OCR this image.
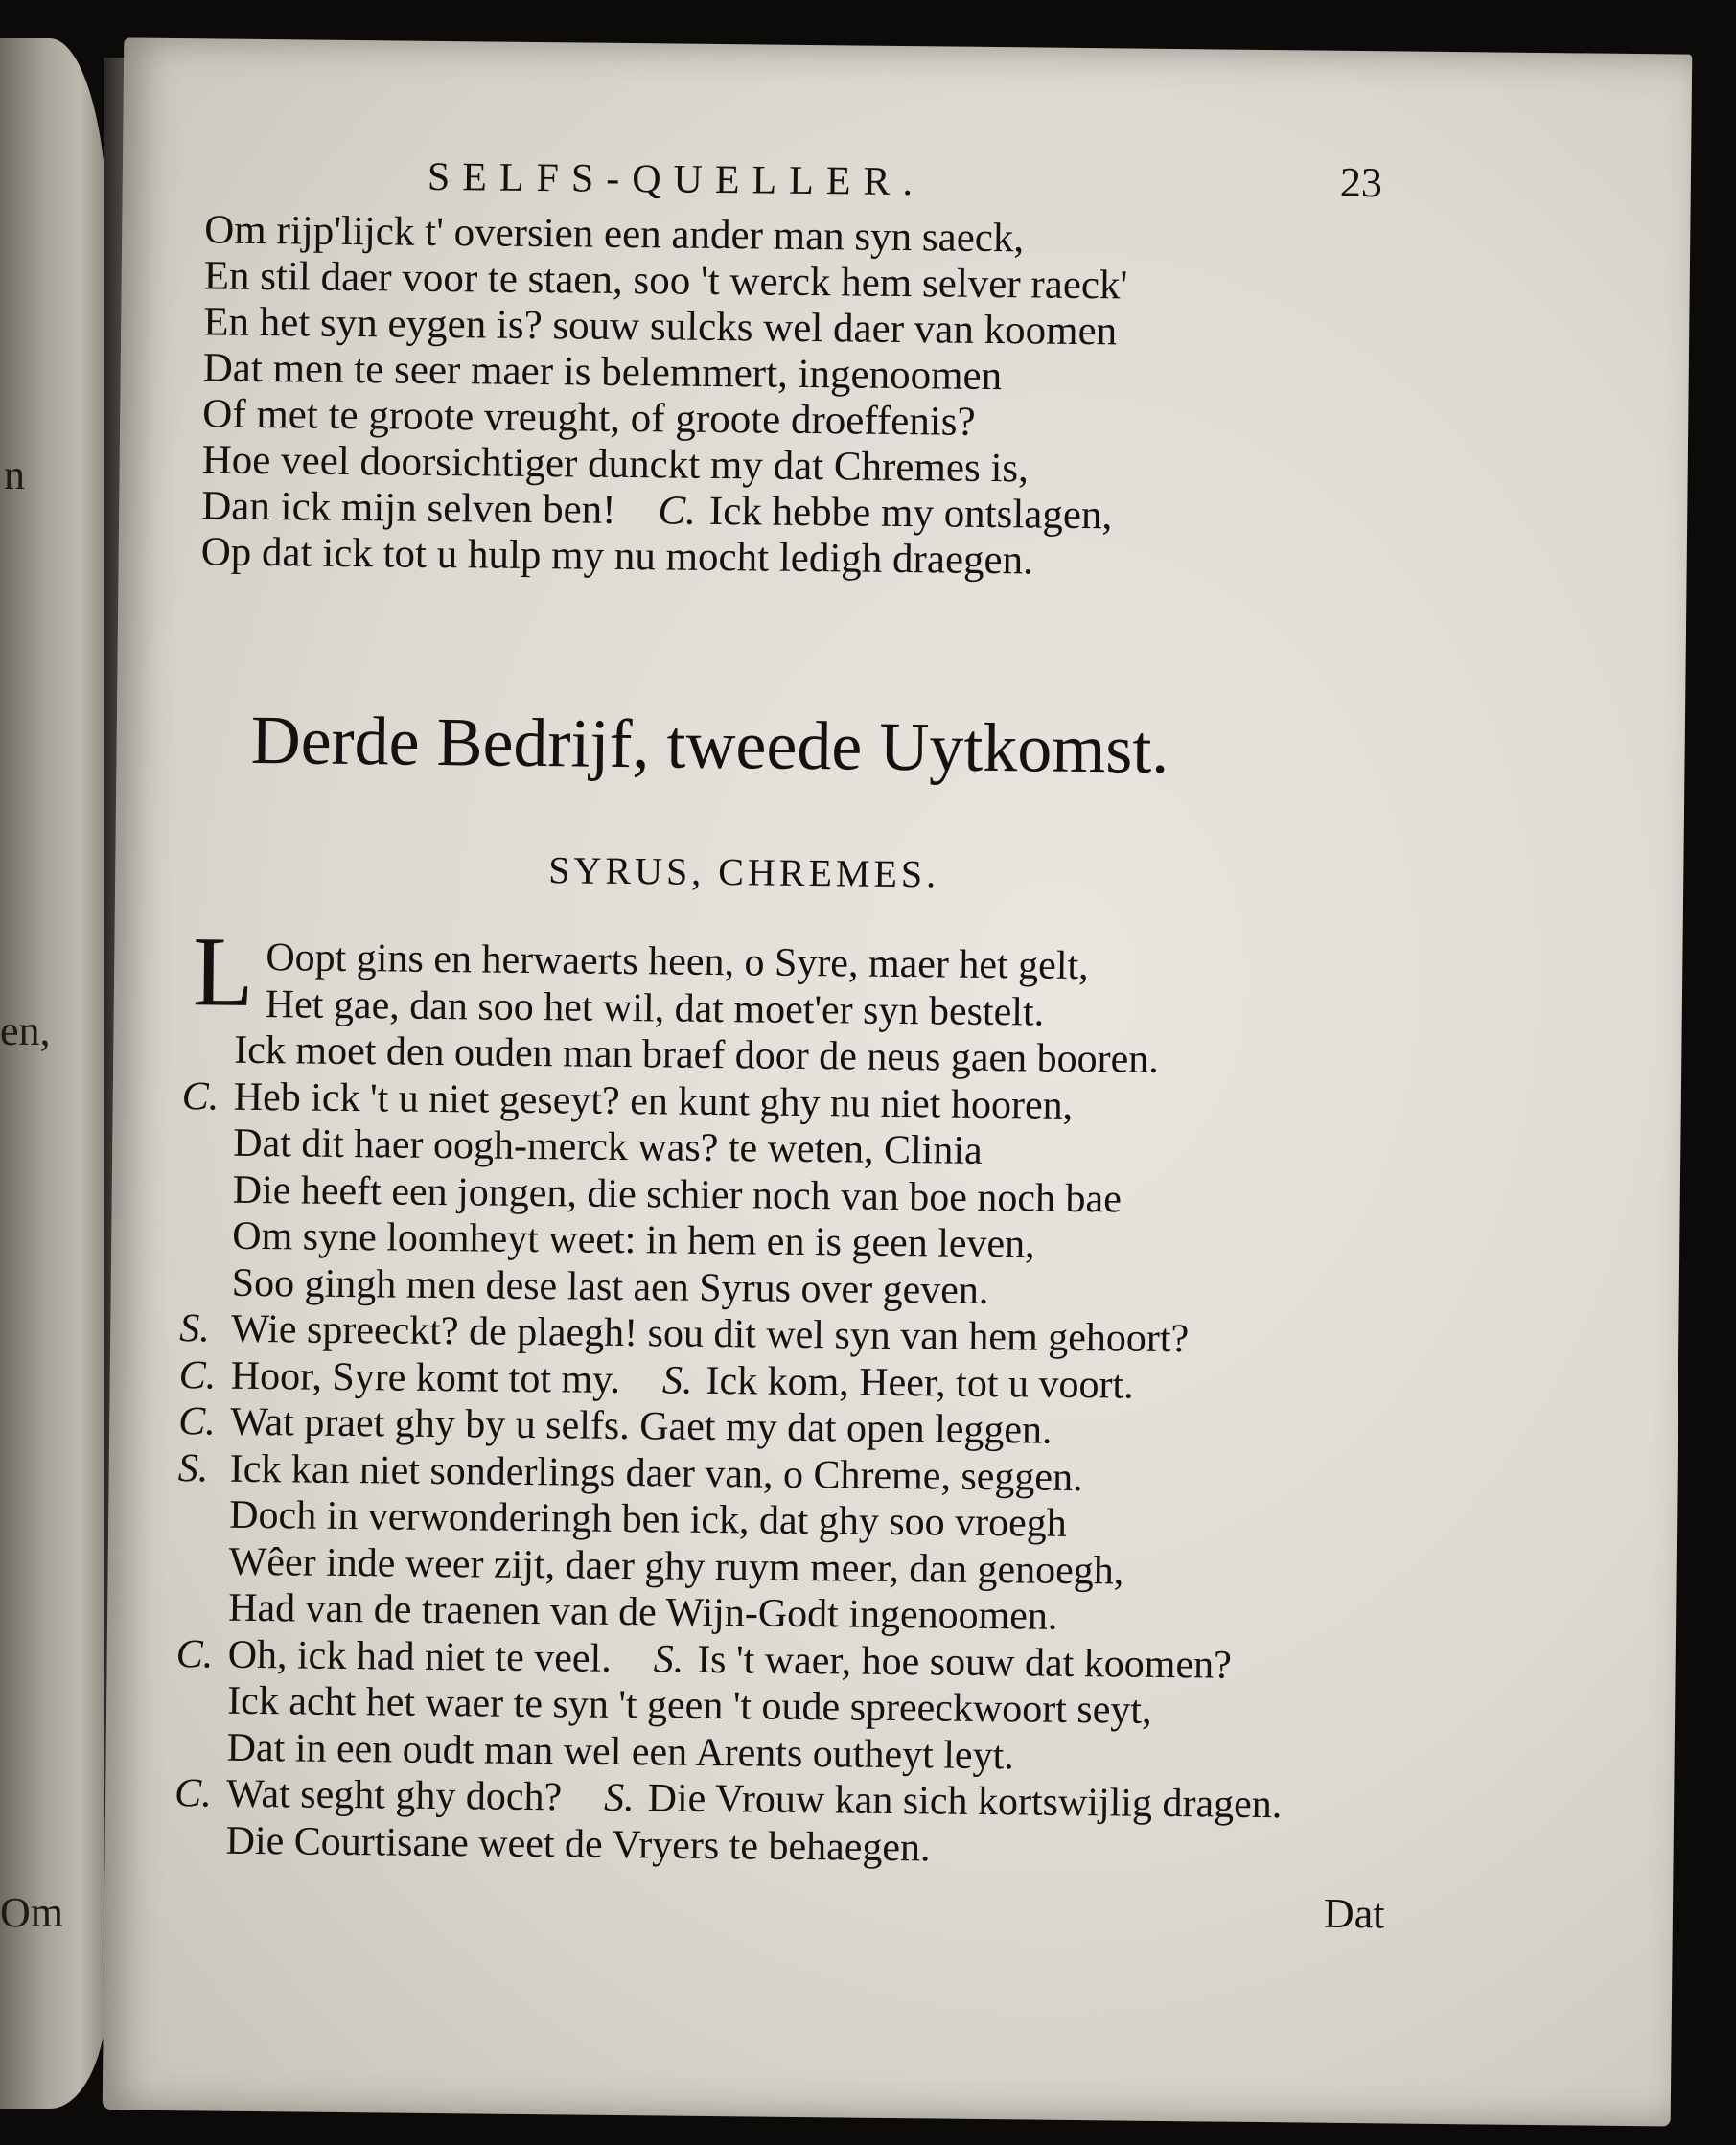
n
en,
Om
SELFS-QUELLER.	23
Om rijp'lijck t' oversien een ander man syn saeck,
En stil daer voor te staen, soo 't werck hem selver raeck'
En het syn eygen is? souw sulcks wel daer van koomen
Dat men te seer maer is belemmert, ingenoomen
Of met te groote vreught, of groote droeffenis?
Hoe veel doorsichtiger dunckt my dat Chremes is,
Dan ick mijn selven ben! C. Ick hebbe my ontslagen,
Op dat ick tot u hulp my nu mocht ledigh draegen.
Derde Bedrijf, tweede Uytkomst.
SYRUS, CHREMES.
L Oopt gins en herwaerts heen, o Syre, maer het gelt,
Het gae, dan soo het wil, dat moet'er syn bestelt.
Ick moet den ouden man braef door de neus gaen booren.
C. Heb ick 't u niet geseyt? en kunt ghy nu niet hooren,
Dat dit haer oogh-merck was? te weten, Clinia
Die heeft een jongen, die schier noch van boe noch bae
Om syne loomheyt weet: in hem en is geen leven,
Soo gingh men dese last aen Syrus over geven.
S. Wie spreeckt? de plaegh! sou dit wel syn van hem gehoort?
C. Hoor, Syre komt tot my. S. Ick kom, Heer, tot u voort.
C. Wat praet ghy by u selfs. Gaet my dat open leggen.
S. Ick kan niet sonderlings daer van, o Chreme, seggen.
Doch in verwonderingh ben ick, dat ghy soo vroegh
Wêer inde weer zijt, daer ghy ruym meer, dan genoegh,
Had van de traenen van de Wijn-Godt ingenoomen.
C. Oh, ick had niet te veel. S. Is 't waer, hoe souw dat koomen?
Ick acht het waer te syn 't geen 't oude spreeckwoort seyt,
Dat in een oudt man wel een Arents outheyt leyt.
C. Wat seght ghy doch? S. Die Vrouw kan sich kortswijlig dragen.
Die Courtisane weet de Vryers te behaegen.
Dat
